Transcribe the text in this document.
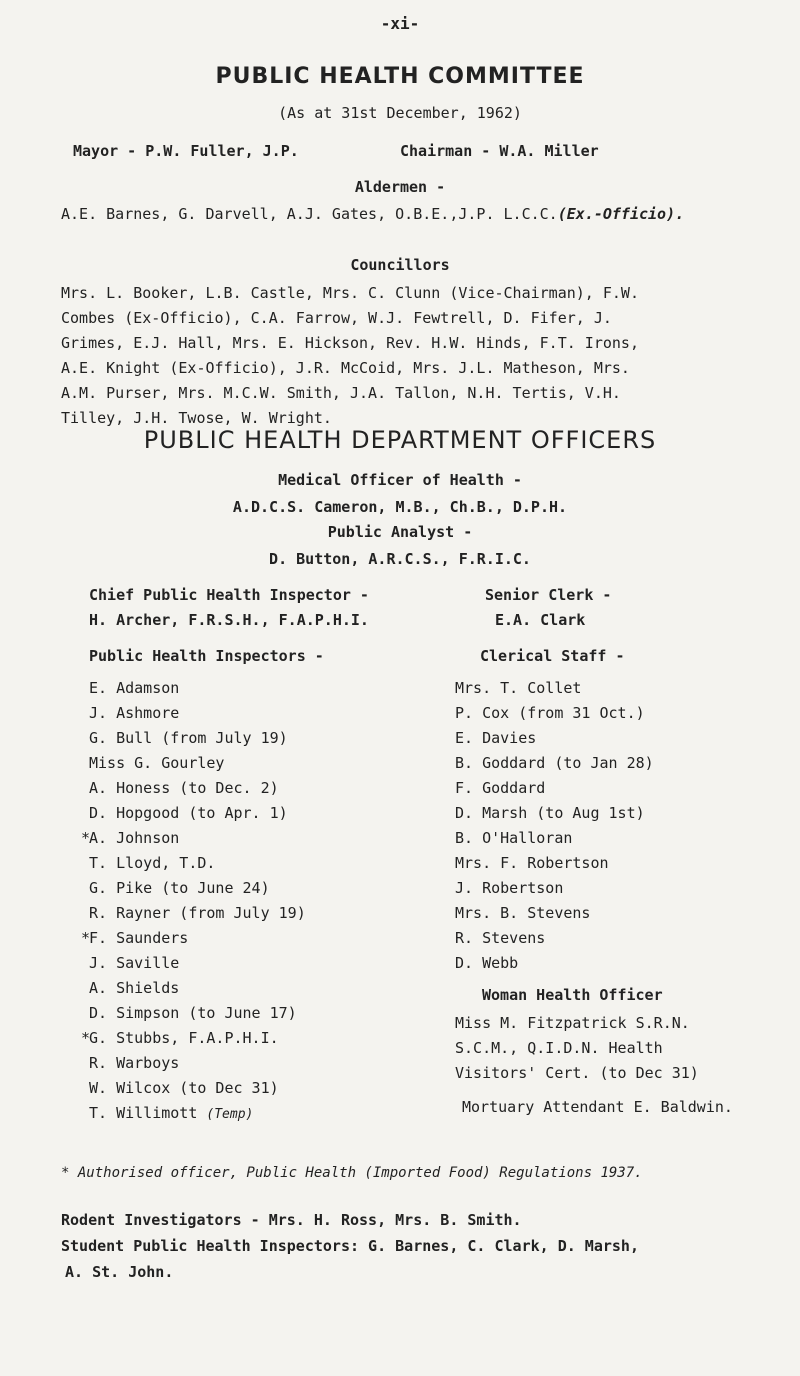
-xi-
PUBLIC HEALTH COMMITTEE
(As at 31st December, 1962)
Mayor - P.W. Fuller, J.P.	Chairman - W.A. Miller
Aldermen -
A.E. Barnes, G. Darvell, A.J. Gates, O.B.E.,J.P. L.C.C.(Ex.-Officio).
Councillors
Mrs. L. Booker, L.B. Castle, Mrs. C. Clunn (Vice-Chairman), F.W.
Combes (Ex-Officio), C.A. Farrow, W.J. Fewtrell, D. Fifer, J.
Grimes, E.J. Hall, Mrs. E. Hickson, Rev. H.W. Hinds, F.T. Irons,
A.E. Knight (Ex-Officio), J.R. McCoid, Mrs. J.L. Matheson, Mrs.
A.M. Purser, Mrs. M.C.W. Smith, J.A. Tallon, N.H. Tertis, V.H.
Tilley, J.H. Twose, W. Wright.
PUBLIC HEALTH DEPARTMENT OFFICERS
Medical Officer of Health -
A.D.C.S. Cameron, M.B., Ch.B., D.P.H.
Public Analyst -
D. Button, A.R.C.S., F.R.I.C.
Chief Public Health Inspector -
H. Archer, F.R.S.H., F.A.P.H.I.
Senior Clerk -
E.A. Clark
Public Health Inspectors -	Clerical Staff -
E. Adamson
J. Ashmore
G. Bull (from July 19)
Miss G. Gourley
A. Honess (to Dec. 2)
D. Hopgood (to Apr. 1)
*A. Johnson
T. Lloyd, T.D.
G. Pike (to June 24)
R. Rayner (from July 19)
*F. Saunders
J. Saville
A. Shields
D. Simpson (to June 17)
*G. Stubbs, F.A.P.H.I.
R. Warboys
W. Wilcox (to Dec 31)
T. Willimott (Temp)
Mrs. T. Collet
P. Cox (from 31 Oct.)
E. Davies
B. Goddard (to Jan 28)
F. Goddard
D. Marsh (to Aug 1st)
B. O'Halloran
Mrs. F. Robertson
J. Robertson
Mrs. B. Stevens
R. Stevens
D. Webb
Woman Health Officer
Miss M. Fitzpatrick S.R.N.
S.C.M., Q.I.D.N. Health
Visitors' Cert. (to Dec 31)
Mortuary Attendant E. Baldwin.
* Authorised officer, Public Health (Imported Food) Regulations 1937.
Rodent Investigators - Mrs. H. Ross, Mrs. B. Smith.
Student Public Health Inspectors: G. Barnes, C. Clark, D. Marsh,
A. St. John.
